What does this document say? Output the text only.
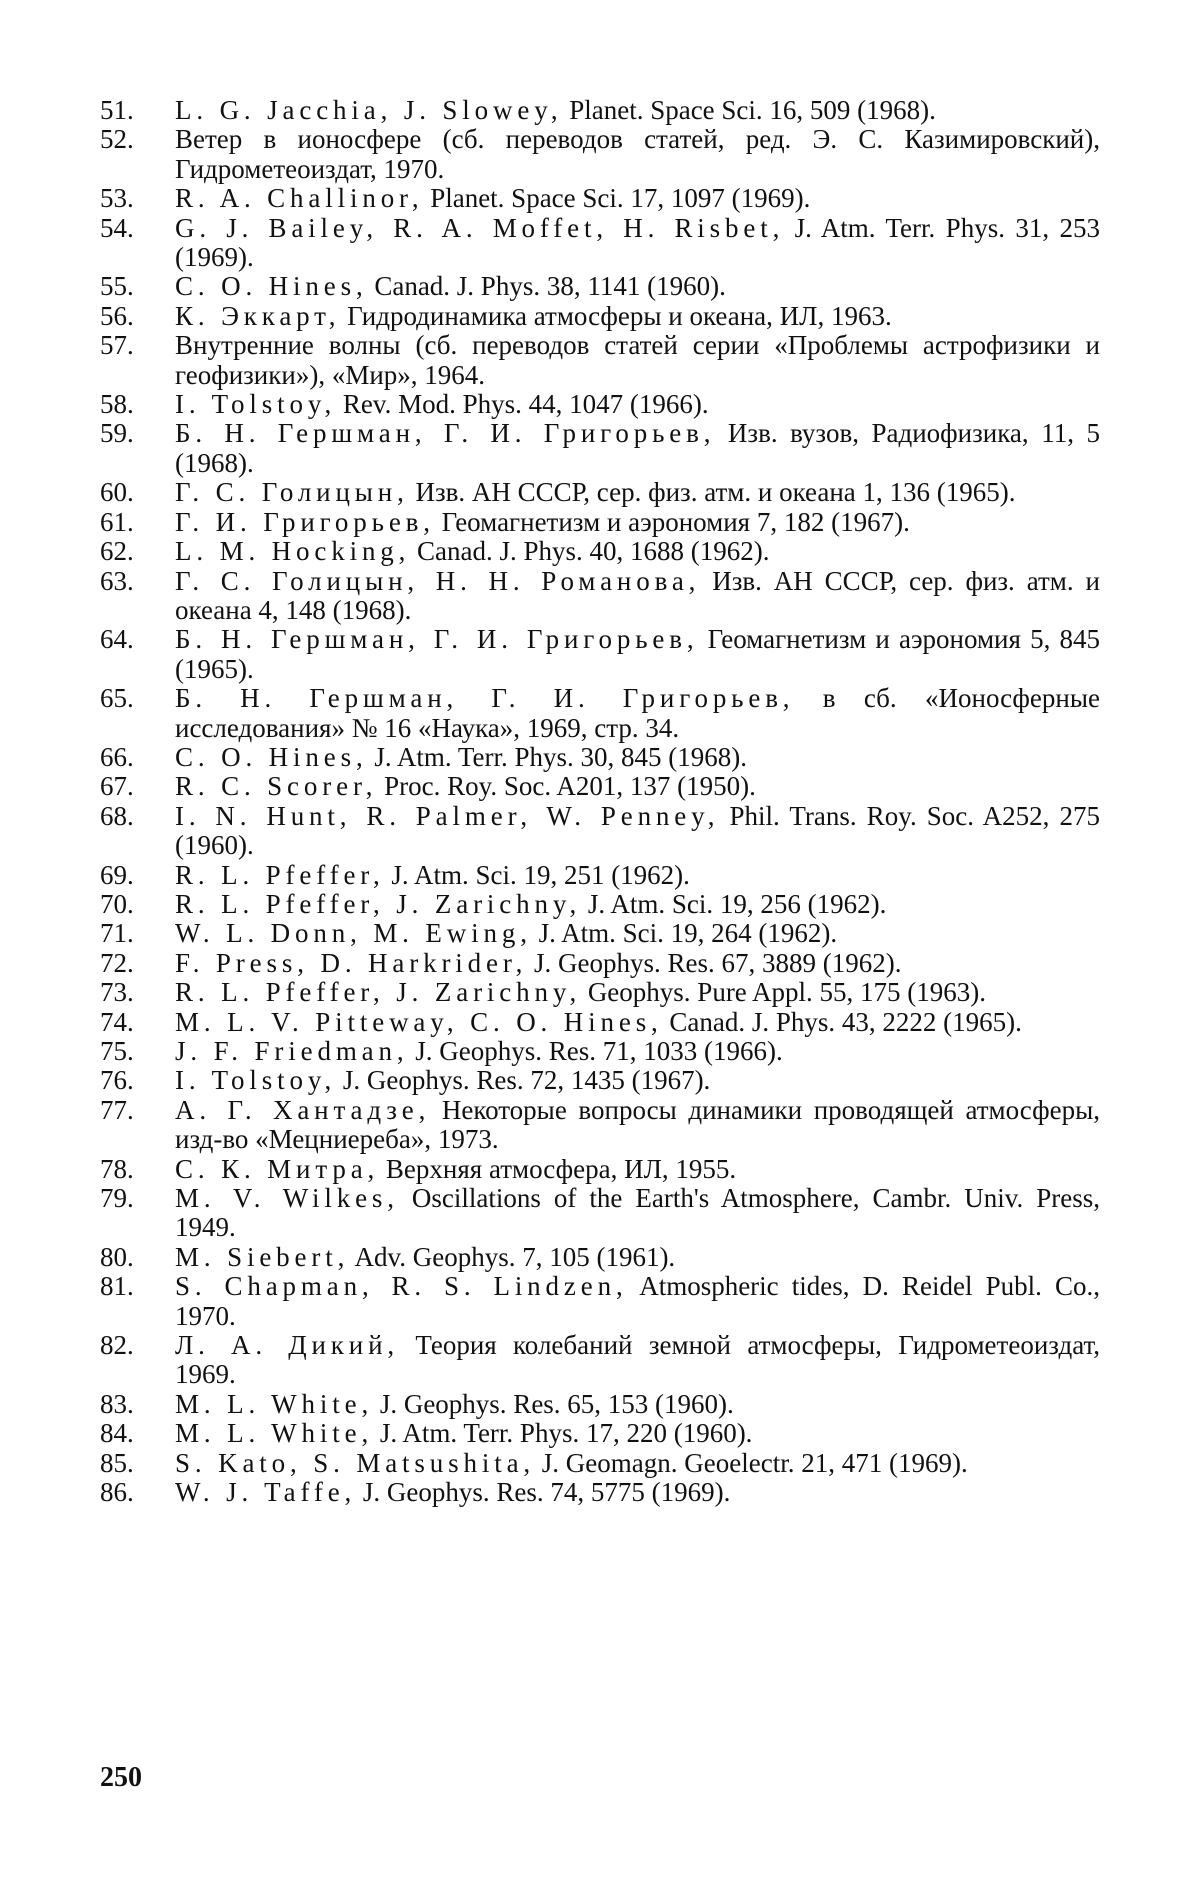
51.	L. G. Jacchia, J. Slowey, Planet. Space Sci. 16, 509 (1968).
52.	Ветер в ионосфере (сб. переводов статей, ред. Э. С. Казимировский), Гидрометеоиздат, 1970.
53.	R. A. Challinor, Planet. Space Sci. 17, 1097 (1969).
54.	G. J. Bailey, R. A. Moffet, H. Risbet, J. Atm. Terr. Phys. 31, 253 (1969).
55.	C. O. Hines, Canad. J. Phys. 38, 1141 (1960).
56.	К. Эккарт, Гидродинамика атмосферы и океана, ИЛ, 1963.
57.	Внутренние волны (сб. переводов статей серии «Проблемы астрофизики и геофизики»), «Мир», 1964.
58.	I. Tolstoy, Rev. Mod. Phys. 44, 1047 (1966).
59.	Б. Н. Гершман, Г. И. Григорьев, Изв. вузов, Радиофизика, 11, 5 (1968).
60.	Г. С. Голицын, Изв. АН СССР, сер. физ. атм. и океана 1, 136 (1965).
61.	Г. И. Григорьев, Геомагнетизм и аэрономия 7, 182 (1967).
62.	L. M. Hocking, Canad. J. Phys. 40, 1688 (1962).
63.	Г. С. Голицын, Н. Н. Романова, Изв. АН СССР, сер. физ. атм. и океана 4, 148 (1968).
64.	Б. Н. Гершман, Г. И. Григорьев, Геомагнетизм и аэрономия 5, 845 (1965).
65.	Б. Н. Гершман, Г. И. Григорьев, в сб. «Ионосферные исследования» № 16 «Наука», 1969, стр. 34.
66.	C. O. Hines, J. Atm. Terr. Phys. 30, 845 (1968).
67.	R. C. Scorer, Proc. Roy. Soc. A201, 137 (1950).
68.	I. N. Hunt, R. Palmer, W. Penney, Phil. Trans. Roy. Soc. A252, 275 (1960).
69.	R. L. Pfeffer, J. Atm. Sci. 19, 251 (1962).
70.	R. L. Pfeffer, J. Zarichny, J. Atm. Sci. 19, 256 (1962).
71.	W. L. Donn, M. Ewing, J. Atm. Sci. 19, 264 (1962).
72.	F. Press, D. Harkrider, J. Geophys. Res. 67, 3889 (1962).
73.	R. L. Pfeffer, J. Zarichny, Geophys. Pure Appl. 55, 175 (1963).
74.	M. L. V. Pitteway, C. O. Hines, Canad. J. Phys. 43, 2222 (1965).
75.	J. F. Friedman, J. Geophys. Res. 71, 1033 (1966).
76.	I. Tolstoy, J. Geophys. Res. 72, 1435 (1967).
77.	А. Г. Хантадзе, Некоторые вопросы динамики проводящей атмосферы, изд-во «Мецниереба», 1973.
78.	С. К. Митра, Верхняя атмосфера, ИЛ, 1955.
79.	M. V. Wilkes, Oscillations of the Earth's Atmosphere, Cambr. Univ. Press, 1949.
80.	M. Siebert, Adv. Geophys. 7, 105 (1961).
81.	S. Chapman, R. S. Lindzen, Atmospheric tides, D. Reidel Publ. Co., 1970.
82.	Л. А. Дикий, Теория колебаний земной атмосферы, Гидрометеоиздат, 1969.
83.	M. L. White, J. Geophys. Res. 65, 153 (1960).
84.	M. L. White, J. Atm. Terr. Phys. 17, 220 (1960).
85.	S. Kato, S. Matsushita, J. Geomagn. Geoelectr. 21, 471 (1969).
86.	W. J. Taffe, J. Geophys. Res. 74, 5775 (1969).
250
